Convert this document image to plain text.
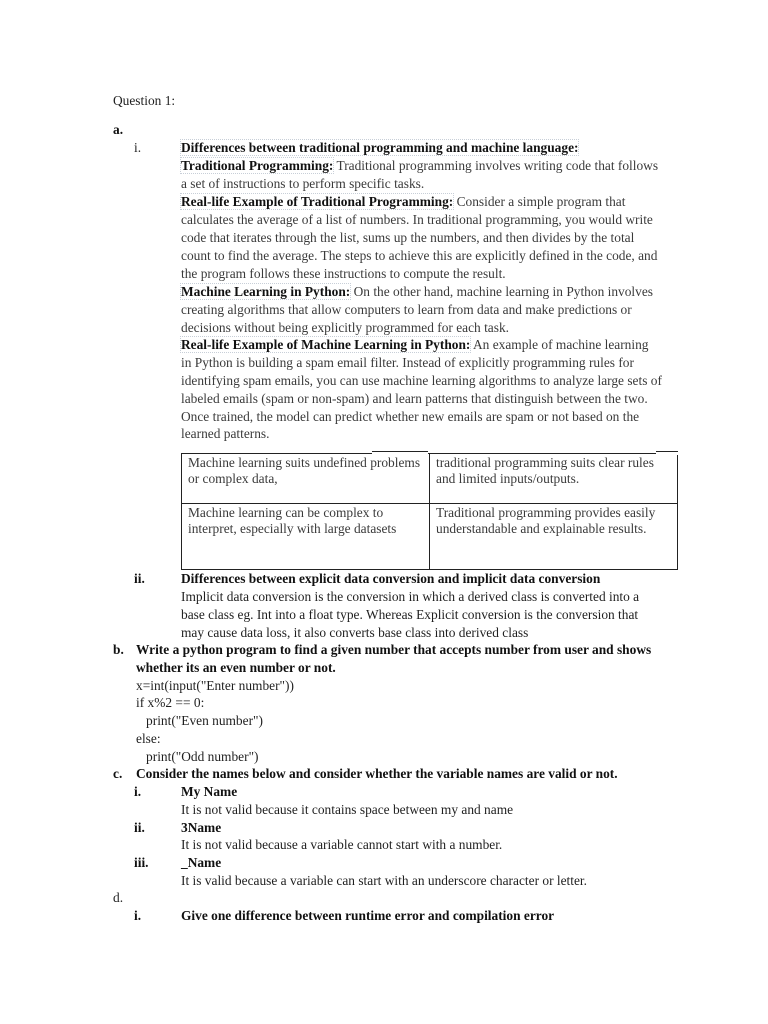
Question 1:
a.
i.	Differences between traditional programming and machine language:
Traditional Programming: Traditional programming involves writing code that follows
a set of instructions to perform specific tasks.
Real-life Example of Traditional Programming: Consider a simple program that
calculates the average of a list of numbers. In traditional programming, you would write
code that iterates through the list, sums up the numbers, and then divides by the total
count to find the average. The steps to achieve this are explicitly defined in the code, and
the program follows these instructions to compute the result.
Machine Learning in Python: On the other hand, machine learning in Python involves
creating algorithms that allow computers to learn from data and make predictions or
decisions without being explicitly programmed for each task.
Real-life Example of Machine Learning in Python: An example of machine learning
in Python is building a spam email filter. Instead of explicitly programming rules for
identifying spam emails, you can use machine learning algorithms to analyze large sets of
labeled emails (spam or non-spam) and learn patterns that distinguish between the two.
Once trained, the model can predict whether new emails are spam or not based on the
learned patterns.
Machine learning suits undefined problems or complex data,	traditional programming suits clear rules and limited inputs/outputs.
Machine learning can be complex to interpret, especially with large datasets	Traditional programming provides easily understandable and explainable results.
ii.	Differences between explicit data conversion and implicit data conversion
Implicit data conversion is the conversion in which a derived class is converted into a
base class eg. Int into a float type. Whereas Explicit conversion is the conversion that
may cause data loss, it also converts base class into derived class
b. Write a python program to find a given number that accepts number from user and shows
whether its an even number or not.
x=int(input("Enter number"))
if x%2 == 0:
print("Even number")
else:
print("Odd number")
c. Consider the names below and consider whether the variable names are valid or not.
i.	My Name
It is not valid because it contains space between my and name
ii.	3Name
It is not valid because a variable cannot start with a number.
iii. _Name
It is valid because a variable can start with an underscore character or letter.
d.
i.	Give one difference between runtime error and compilation error
